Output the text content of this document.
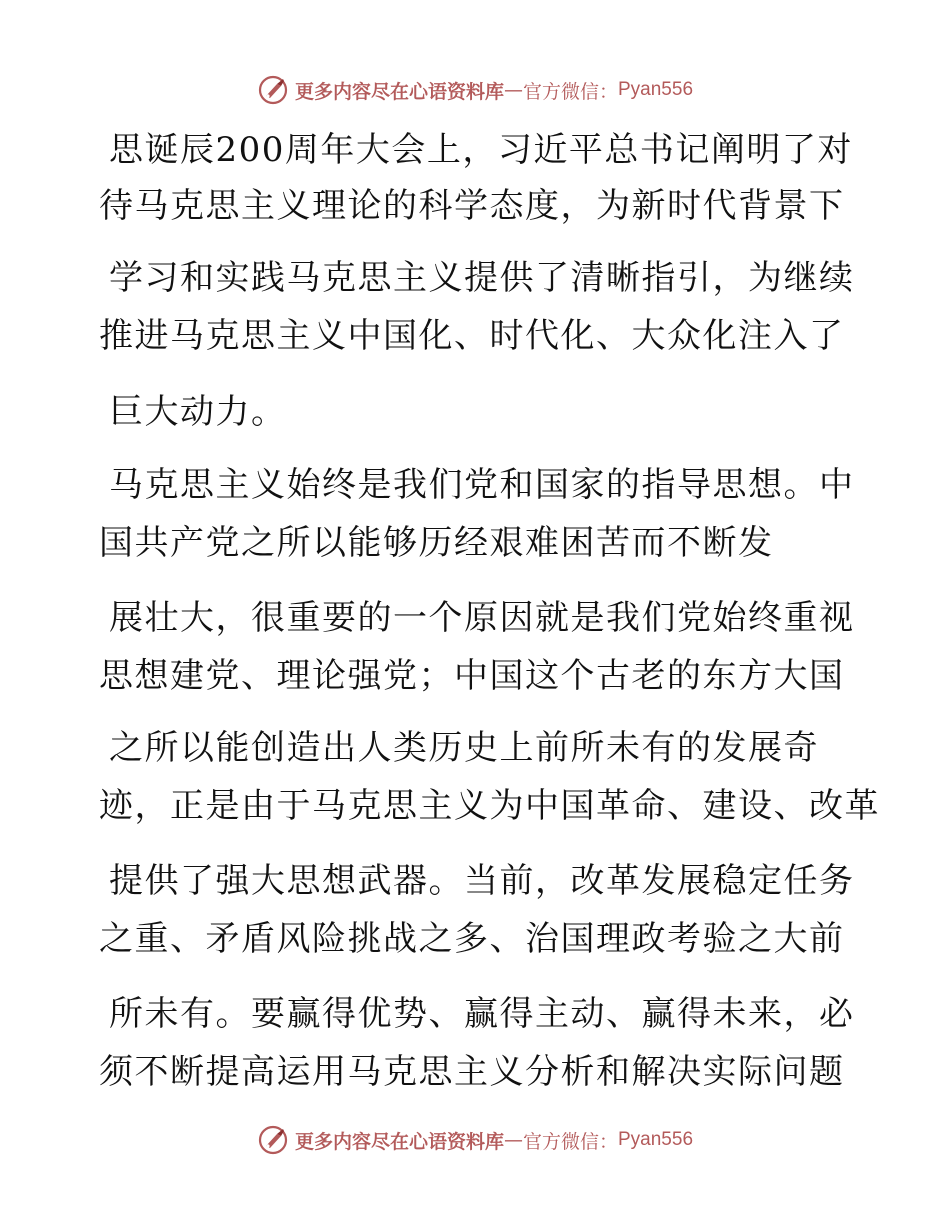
更多内容尽在心语资料库 — 官方微信： Pyan556
思诞辰200周年大会上，习近平总书记阐明了对
待马克思主义理论的科学态度，为新时代背景下
学习和实践马克思主义提供了清晰指引，为继续
推进马克思主义中国化、时代化、大众化注入了
巨大动力。
马克思主义始终是我们党和国家的指导思想。中
国共产党之所以能够历经艰难困苦而不断发
展壮大，很重要的一个原因就是我们党始终重视
思想建党、理论强党；中国这个古老的东方大国
之所以能创造出人类历史上前所未有的发展奇
迹，正是由于马克思主义为中国革命、建设、改革
提供了强大思想武器。当前，改革发展稳定任务
之重、矛盾风险挑战之多、治国理政考验之大前
所未有。要赢得优势、赢得主动、赢得未来，必
须不断提高运用马克思主义分析和解决实际问题
更多内容尽在心语资料库 — 官方微信： Pyan556
